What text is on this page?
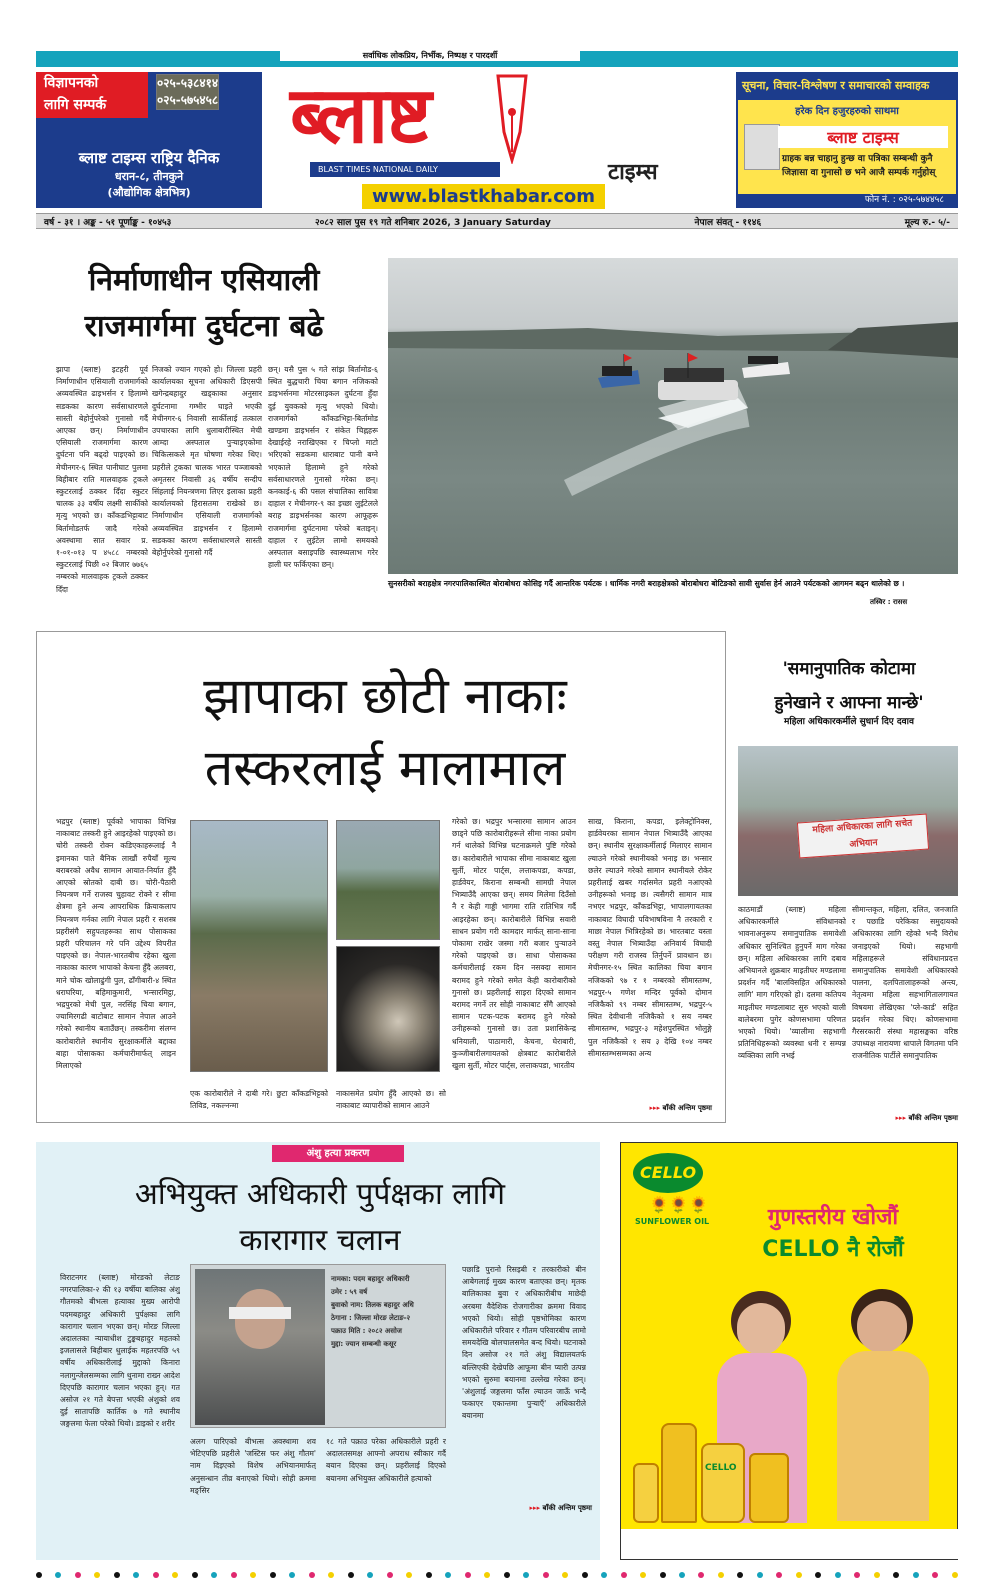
सर्वाधिक लोकप्रिय, निर्भीक, निष्पक्ष र पारदर्शी
विज्ञापनको
लागि सम्पर्क
०२५-५३८४१४
०२५-५७५४५८
ब्लाष्ट टाइम्स राष्ट्रिय दैनिक
धरान-८, तीनकुने
(औद्योगिक क्षेत्रभित्र)
ब्लाष्ट
टाइम्स
BLAST TIMES NATIONAL DAILY
www.blastkhabar.com
सूचना, विचार-विश्लेषण र समाचारको सम्वाहक
हरेक दिन हजुरहरुको साथमा
ब्लाष्ट टाइम्स
ग्राहक बन्न चाहानु हुन्छ वा पत्रिका सम्बन्धी कुनै जिज्ञासा वा गुनासो छ भने आजै सम्पर्क गर्नुहोस्
फोन नं. : ०२५-५७४४५८
वर्ष - ३१ । अङ्क - ५१ पूर्णाङ्क - १०४५३	२०८२ साल पुस १९ गते शनिबार 2026, 3 January Saturday	नेपाल संवत् - ११४६	मूल्य रु.- ५/-
निर्माणाधीन एसियाली राजमार्गमा दुर्घटना बढे
झापा (ब्लाष्ट) इटहरी पूर्व निर्माणाधीन एसियाली राजमार्गको अव्यवस्थित ढाइभर्सन र हिलाम्मे सडकका कारण सर्वसाधारणले सास्ती बेहोर्नुपरेको गुनासो गर्दै आएका छन्। निर्माणाधीन एसियाली राजमार्गमा कारण दुर्घटना पनि बढ्दो पाइएको छ। मेचीनगर-६ स्थित पानीघाट पुलमा बिहीबार राति मालवाहक ट्रकले स्कुटरलाई ठक्कर दिँदा स्कुटर चालक ३३ वर्षीय लक्ष्मी सार्कीको मृत्यु भएको छ। काँकडभिट्टाबाट बिर्तामोडतर्फ जादै गरेको अवस्थामा सात सवार प्र. १-०१-०१३ प ४५८८ नम्बरको स्कुटरलाई पिछी ०२ बिजार ७७६५ नम्बरको मालवाहक ट्रकले ठक्कर दिँदा
निजको ज्यान गएको हो। जिल्ला प्रहरी कार्यालयका सूचना अधिकारी डिएसपी खगेन्द्रबहादुर खड्काका अनुसार दुर्घटनामा गम्भीर घाइते भएकी मेचीनगर-६ निवासी सार्कीलाई तत्काल उपचारका लागि धुलाबारीस्थित मेची आम्दा अस्पताल पुऱ्याइएकोमा चिकित्सकले मृत घोषणा गरेका थिए। प्रहरीले ट्रकका चालक भारत पञ्जाबको अमृतसर निवासी ३६ वर्षीय सन्दीप सिंहलाई नियन्त्रणमा लिएर इलाका प्रहरी कार्यालयको हिरासतमा राखेको छ। निर्माणाधीन एसियाली राजमार्गको अव्यवस्थित डाइभर्सन र हिलाम्मे सडकका कारण सर्वसाधारणले सास्ती बेहोर्नुपरेको गुनासो गर्दै
छन्। यसै पुस ५ गते सांझ बिर्तामोड-६ स्थित बुद्धचारी चिया बगान नजिकको डाइभर्सनमा मोटरसाइकल दुर्घटना हुँदा दुई युवकको मृत्यु भएको थियो। राजमार्गको काँकडभिट्टा-बिर्तामोड खण्डमा डाइभर्सन र संकेत चिह्नहरू देखाईरहे नराखिएका र चिप्लो माटो भरिएको सडकमा धाराबाट पानी बग्ने भएकाले हिलाम्मे हुने गरेको सर्वसाधारणले गुनासो गरेका छन्। कनकाई-६ की पसल संचालिका सावित्रा दाहाल र मेचीनगर-९ का इच्छा लुईटेलले बराह डाइभर्सनका कारण आफूहरू राजमार्गमा दुर्घटनामा परेको बताइन्। दाहाल र लुईटेल लामो समयको अस्पताल बसाइपछि स्वास्थ्यलाभ गरेर हाली घर फर्किएका छन्।
सुनसरीको बराहक्षेत्र नगरपालिकास्थित बोराबोधरा कोसिइ गर्दै आन्तरिक पर्यटक । धार्मिक नगरी बराहक्षेत्रको बोराबोधरा बोटिङको सावी सुर्वास हेर्न आउने पर्यटकको आगमन बढ्न थालेको छ ।
तस्विर : रासस
झापाका छोटी नाकाः
तस्करलाई मालामाल
भद्रपुर (ब्लाष्ट) पूर्वको भापाका विभिन्न नाकाबाट तस्करी हुने आइरहेको पाइएको छ। चोरी तस्करी रोक्न कडिएकाहरूलाई नै इमानका पाते बैनिक लाखौं रुपैयाँ मूल्य बराबरको अवैध सामान आयात-निर्यात हुँदै आएको स्रोतको दाबी छ। चोरी-पैठारी नियन्त्रण गर्ने राजस्व चुहावट रोक्ने र सीमा क्षेत्रमा हुने अन्य आपराधिक क्रियाकलाप नियन्त्रण गर्नका लागि नेपाल प्रहरी र सशस्त्र प्रहरीसंगै सहुपतहरूका साथ पोसाकका प्रहरी परिचालन गरे पनि उद्देश्य विपरीत पाइएको छ। नेपाल-भारतबीच रहेका खुला नाकाका कारण भापाको केचना हुँदै अलबरा, माने चोक खोलाढुंगी पुल, ढाँगीबारी-४ स्थित धराघरिया, बहिमाकुमारी, भन्सारमिट्ठा, भद्रपुरको मेची पुल, नरसिंह चिया बगान, ज्यामिरगढी बाटोबाट सामान नेपाल आउने गरेको स्थानीय बताउँछन्। तस्करीमा संलग्न कारोबारीले स्थानीय सुरक्षाकर्मीले बद्दाका बाहा पोसाकका कर्मचारीमार्फत् लाइन मिलाएको
एक कारोबारीले ने दाबी गरे। छुटा काँकडभिट्टको तिविड, नकल्नन्मा
नाकासमेत प्रयोग हुँदै आएको छ। सो नाकाबाट व्यापारीको सामान आउने
गरेको छ। भद्रपुर भन्सारमा सामान आउन छाड्ने पछि कारोबारीहरूले सीमा नाका प्रयोग गर्न थालेको विभिन्न घटनाक्रमले पुष्टि गरेको छ। कारोबारीले भापाका सीमा नाकाबाट खुला सुर्ती, मोटर पार्ट्स, लत्ताकपडा, कपडा, हार्डवेयर, किराना सम्बन्धी सामग्री नेपाल भित्र्याउँदै आएका छन्। समय मिलेमा दिउँसो नै र केही गाड्डी भागमा राति रातिभित्र गर्दै आइरहेका छन्। कारोबारीले विभिन्न सवारी साधन प्रयोग गरी कामदार मार्फत् साना-साना पोकामा राखेर जस्मा गरी बजार पुऱ्याउने गरेको पाइएको छ। साधा पोसाकका कर्मचारीलाई रकम दिन नसक्दा सामान बरामद हुने गरेको समेत केही कारोबारीको गुनासो छ। प्रहरीलाई साइरा दिएको सामान बरामद नगर्ने तर सोही नाकाबाट सँगै आएको सामान पटक-पटक बरामद हुने गरेको उनीहरूको गुनासो छ। उता प्रशासिकेन्द्र धनियाली, पाठामारी, केचना, घेराबारी, कुञ्जीबारीलगायतको क्षेत्रबाट कारोबारीले खुला सुर्ती, मोटर पार्ट्स, लत्ताकपडा, भारतीय
साख, किराना, कपडा, इलेक्ट्रोनिक्स, हार्डवेयरका सामान नेपाल भित्र्याउँदै आएका छन्। स्थानीय सुरक्षाकर्मीलाई मिलाएर सामान ल्याउने गरेको स्थानीयको भनाइ छ। भन्सार छलेर ल्याउने गरेको सामान स्थानीयले रोकेर प्रहरीलाई खबर गर्दासमेत प्रहरी नआएको उनीहरूको भनाइ छ। त्यसैगरी सामान मात्र नभएर भद्रपुर, काँकडभिट्टा, भापालगायतका नाकाबाट विघादी पविभाषविना नै तरकारी र माछा नेपाल भित्रिरहेको छ। भारतबाट यस्ता वस्तु नेपाल भित्र्याउँदा अनिवार्य विघादी परीक्षण गरी राजस्व तिर्नुपर्ने प्रावधान छ। मेचीनगर-१५ स्थित कालिका चिया बगान नजिकको ९७ र १ नम्बरको सीमास्तम्भ, भद्रपुर-५ गणेश मन्दिर पूर्वको दोमान नजिकैको ९९ नम्बर सीमास्तम्भ, भद्रपुर-५ स्थित देवीथानी नजिकैको १ सय नम्बर सीमास्तम्भ, भद्रपुर-३ महेशपुरस्थित भोलुङ्गे पुल नजिकैको १ सय ३ देखि १०४ नम्बर सीमास्तम्भसम्मका अन्य
▸▸▸ बाँकी अन्तिम पृष्ठमा
'समानुपातिक कोटामा
हुनेखाने र आफ्ना मान्छे'
महिला अधिकारकर्मीले सुधार्न दिए दवाव
महिला अधिकारका लागि सचेत अभियान
काठमाडौं (ब्लाष्ट) महिला अधिकारकर्मीले संविधानको भावनाअनुरूप समानुपातिक समावेशी अधिकार सुनिश्चित हुनुपर्ने माग गरेका छन्। महिला अधिकारका लागि दबाव अभियानले शुक्रबार माइतीघर मण्डलामा प्रदर्शन गर्दै 'बालविसहित अधिकारको लागि' माग गरिएको हो। दलमा कतिपय माइतीघर मण्डलाबाट सुरु भएको याली बालेबरमा पुगेर कोणसभामा परिणत भएको थियो। 'व्यालीमा सहभागी प्रतिनिधिहरूको व्यवस्था धनी र सम्पन्न व्यक्तिका लागि नभई
सीमान्तकृत, महिला, दलित, जनजाति र पछाडि परेकिका समुदायको अधिकारका लागि रहेको भन्दै विरोध जनाइएको थियो। सहभागी महिलाहरूले संविधानप्रदत्त समानुपातिक समावेशी अधिकारको पालना, दलपितालाहरूको अन्त्य, नेतृत्वमा महिला सहभागितालगायत विषयमा लेखिएका 'प्ले-कार्ड' सहित प्रदर्शन गरेका थिए। कोणसभामा गैरसरकारी संस्था महासङ्घका वरिष्ठ उपाध्यक्ष नारायणा धापाले विगतमा पनि राजनीतिक पार्टीले समानुपातिक
▸▸▸ बाँकी अन्तिम पृष्ठमा
अंशु हत्या प्रकरण
अभियुक्त अधिकारी पुर्पक्षका लागि
कारागार चलान
विराटनगर (ब्लाष्ट) मोरङको लेटाङ नगरपालिका-२ की १३ वर्षीया बालिका अंशु गौतमको बीभत्स हत्याका मुख्य आरोपी पदमबहादुर अधिकारी पुर्पक्षका लागि कारागार चलान भएका छन्। मोरङ जिल्ला अदालतका न्यायाधीश टुङ्कबहादुर महतको इजलासले बिहीबार धुलाईक महतरपछि ५९ वर्षीय अधिकारीलाई मुद्दाको किनारा नलागुन्जेलसम्मका लागि थुनामा राख्न आदेश दिएपछि कारागार चलान भएका हुन्। गत असोज २१ गते बेपत्ता भएकी अंशुको शव दुई सातापछि कार्तिक ७ गते स्थानीय जङ्गलमा फेला परेको थियो। डाइको र शरीर
नामका: पदम बहादुर अधिकारी
उमेर : ५९ वर्ष
बुवाको नाम: तिलक बहादुर अधि
ठेगाना : जिल्ला मोरङ लेटाङ-२
पक्राउ मिति : २०८२ असोज
मुद्दा: ज्यान सम्बन्धी कसूर
अलग पारिएको बीभत्स अवस्थामा शव भेटिएपछि प्रहरीले 'जस्टिस फर अंशु गौतम' नाम दिइएको विशेष अभियानमार्फत् अनुसन्धान तीव्र बनाएको थियो। सोही क्रममा मङ्सिर
१८ गते पक्राउ परेका अधिकारीले प्रहरी र अदालतसमक्ष आफ्नो अपराध स्वीकार गर्दै बयान दिएका छन्। प्रहरीलाई दिएको बयानमा अभियुक्त अधिकारीले हत्याको
पछाडि पुरानो रिसइबी र तरकारीको बीन आबेगलाई मुख्य कारण बताएका छन्। मृतक बालिकाका बुवा र अधिकारीबीच माछेदी अरबमा वैदेशिक रोजगारीका क्रममा विवाद भएको थियो। सोही पृष्ठभोमिका कारण अधिकारीले परिवार र गौतम परिवारबीच लामो समयदेखि बोलचालसमेत बन्द थियो। घटनाको दिन असोज २१ गते अंशु विद्यालयतर्फ बल्लिएकी देखेपछि आफूमा बीन प्यारी उत्पन्न भएको सुरुमा बयानमा उल्लेख गरेका छन्। 'अंशुलाई जङ्गलमा फाँस ल्याउन जाऊँ भन्दै फकाएर एकान्तमा पुऱ्याएँ' अधिकारीले बयानमा
▸▸▸ बाँकी अन्तिम पृष्ठमा
CELLO
🌻🌻🌻
SUNFLOWER OIL	गुणस्तरीय खोजौं
CELLO नै रोजौं
CELLO
